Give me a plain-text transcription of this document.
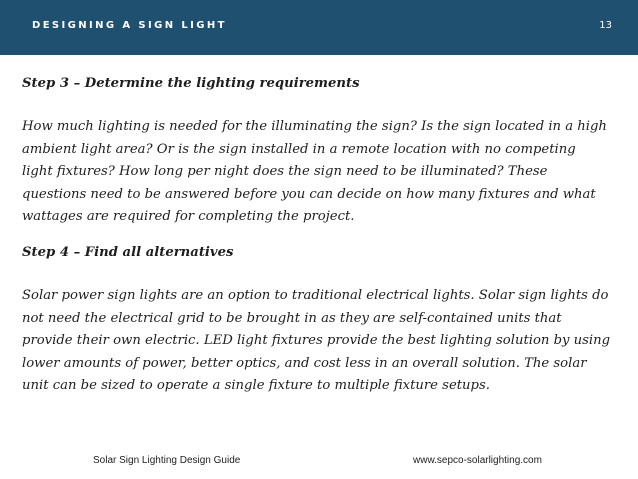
DESIGNING A SIGN LIGHT	13
Step 3 – Determine the lighting requirements
How much lighting is needed for the illuminating the sign? Is the sign located in a high
ambient light area? Or is the sign installed in a remote location with no competing
light fixtures? How long per night does the sign need to be illuminated? These
questions need to be answered before you can decide on how many fixtures and what
wattages are required for completing the project.
Step 4 – Find all alternatives
Solar power sign lights are an option to traditional electrical lights. Solar sign lights do
not need the electrical grid to be brought in as they are self-contained units that
provide their own electric. LED light fixtures provide the best lighting solution by using
lower amounts of power, better optics, and cost less in an overall solution. The solar
unit can be sized to operate a single fixture to multiple fixture setups.
Solar Sign Lighting Design Guide	www.sepco-solarlighting.com
